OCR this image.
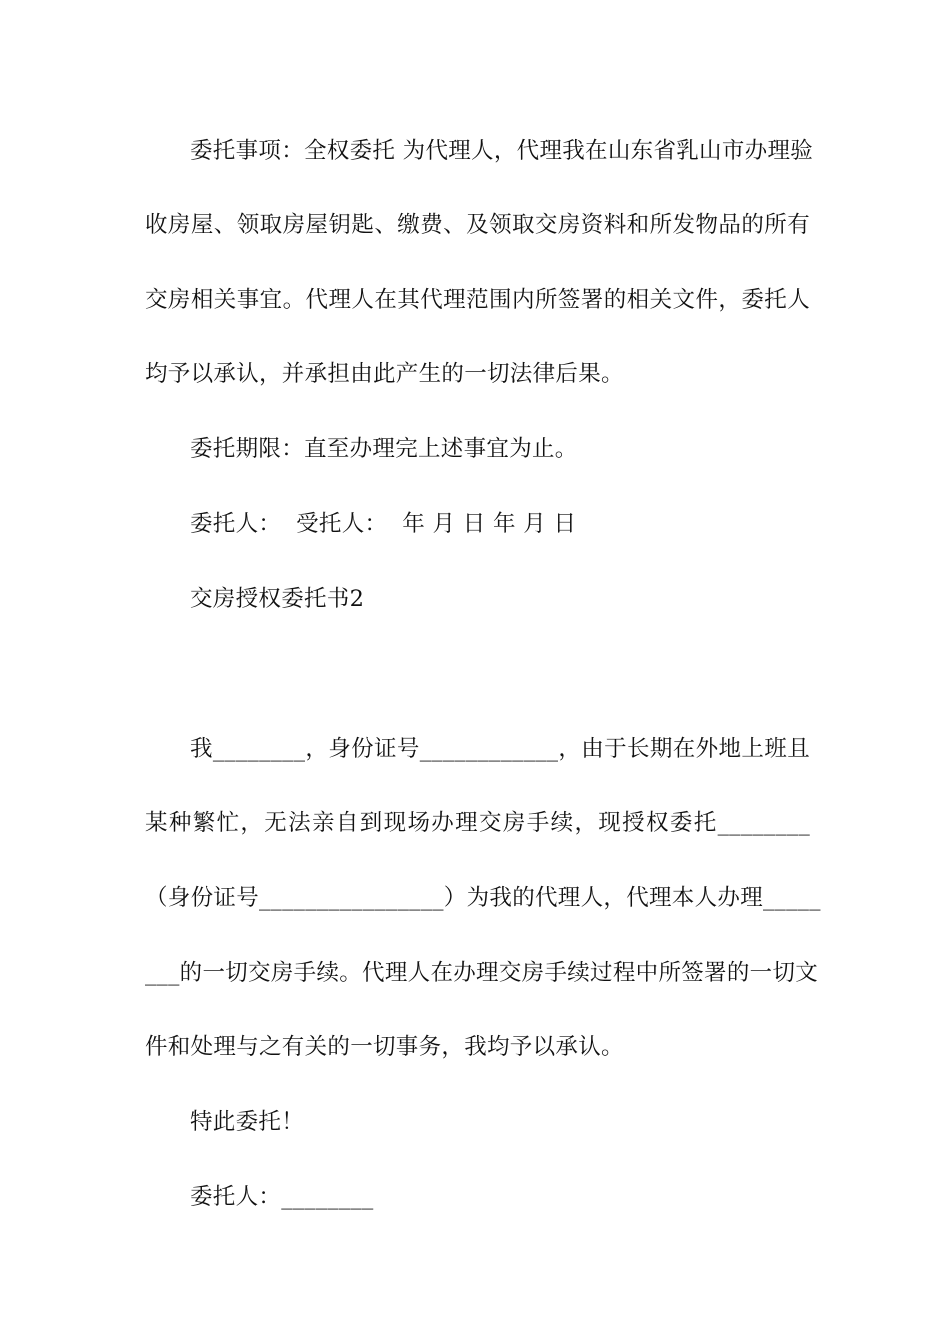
委托事项：全权委托 为代理人，代理我在山东省乳山市办理验
收房屋、领取房屋钥匙、缴费、及领取交房资料和所发物品的所有
交房相关事宜。代理人在其代理范围内所签署的相关文件，委托人
均予以承认，并承担由此产生的一切法律后果。
委托期限：直至办理完上述事宜为止。
委托人：  受托人：  年 月 日 年 月 日
交房授权委托书2
我________，身份证号____________，由于长期在外地上班且
某种繁忙，无法亲自到现场办理交房手续，现授权委托________
（身份证号________________）为我的代理人，代理本人办理_____
___的一切交房手续。代理人在办理交房手续过程中所签署的一切文
件和处理与之有关的一切事务，我均予以承认。
特此委托！
委托人：________
